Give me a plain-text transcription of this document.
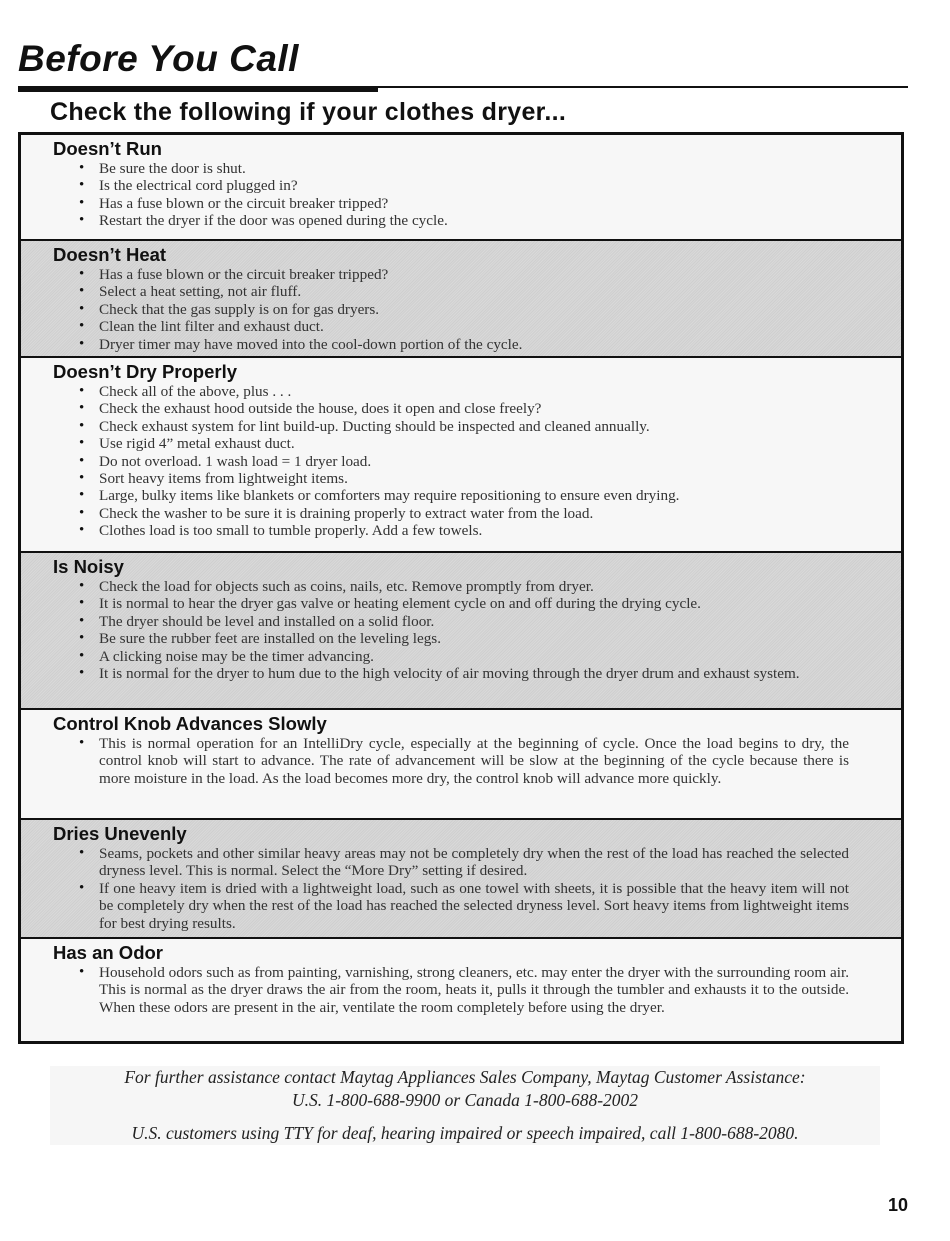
Before You Call
Check the following if your clothes dryer...
Doesn’t Run
• Be sure the door is shut.
• Is the electrical cord plugged in?
• Has a fuse blown or the circuit breaker tripped?
• Restart the dryer if the door was opened during the cycle.
Doesn’t Heat
• Has a fuse blown or the circuit breaker tripped?
• Select a heat setting, not air fluff.
• Check that the gas supply is on for gas dryers.
• Clean the lint filter and exhaust duct.
• Dryer timer may have moved into the cool-down portion of the cycle.
Doesn’t Dry Properly
• Check all of the above, plus . . .
• Check the exhaust hood outside the house, does it open and close freely?
• Check exhaust system for lint build-up. Ducting should be inspected and cleaned annually.
• Use rigid 4” metal exhaust duct.
• Do not overload. 1 wash load = 1 dryer load.
• Sort heavy items from lightweight items.
• Large, bulky items like blankets or comforters may require repositioning to ensure even drying.
• Check the washer to be sure it is draining properly to extract water from the load.
• Clothes load is too small to tumble properly. Add a few towels.
Is Noisy
• Check the load for objects such as coins, nails, etc. Remove promptly from dryer.
• It is normal to hear the dryer gas valve or heating element cycle on and off during the drying cycle.
• The dryer should be level and installed on a solid floor.
• Be sure the rubber feet are installed on the leveling legs.
• A clicking noise may be the timer advancing.
• It is normal for the dryer to hum due to the high velocity of air moving through the dryer drum and exhaust system.
Control Knob Advances Slowly
• This is normal operation for an IntelliDry cycle, especially at the beginning of cycle. Once the load begins to dry, the control knob will start to advance. The rate of advancement will be slow at the beginning of the cycle because there is more moisture in the load. As the load becomes more dry, the control knob will advance more quickly.
Dries Unevenly
• Seams, pockets and other similar heavy areas may not be completely dry when the rest of the load has reached the selected dryness level. This is normal. Select the “More Dry” setting if desired.
• If one heavy item is dried with a lightweight load, such as one towel with sheets, it is possible that the heavy item will not be completely dry when the rest of the load has reached the selected dryness level. Sort heavy items from lightweight items for best drying results.
Has an Odor
• Household odors such as from painting, varnishing, strong cleaners, etc. may enter the dryer with the surrounding room air. This is normal as the dryer draws the air from the room, heats it, pulls it through the tumbler and exhausts it to the outside. When these odors are present in the air, ventilate the room completely before using the dryer.
For further assistance contact Maytag Appliances Sales Company, Maytag Customer Assistance:
U.S. 1-800-688-9900 or Canada 1-800-688-2002
U.S. customers using TTY for deaf, hearing impaired or speech impaired, call 1-800-688-2080.
10
